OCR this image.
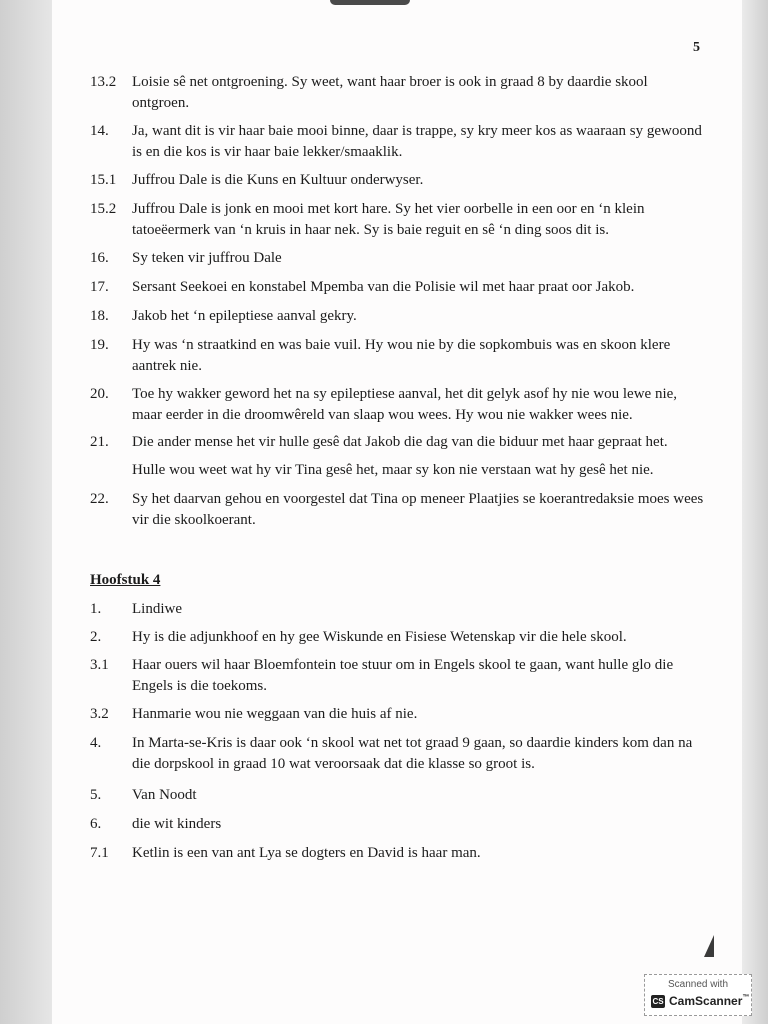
5
13.2	Loisie sê net ontgroening. Sy weet, want haar broer is ook in graad 8 by daardie skool ontgroen.
14.	Ja, want dit is vir haar baie mooi binne, daar is trappe, sy kry meer kos as waaraan sy gewoond is en die kos is vir haar baie lekker/smaaklik.
15.1	Juffrou Dale is die Kuns en Kultuur onderwyser.
15.2	Juffrou Dale is jonk en mooi met kort hare. Sy het vier oorbelle in een oor en ‘n klein tatoeëermerk van ‘n kruis in haar nek. Sy is baie reguit en sê ‘n ding soos dit is.
16.	Sy teken vir juffrou Dale
17.	Sersant Seekoei en konstabel Mpemba van die Polisie wil met haar praat oor Jakob.
18.	Jakob het ‘n epileptiese aanval gekry.
19.	Hy was ‘n straatkind en was baie vuil. Hy wou nie by die sopkombuis was en skoon klere aantrek nie.
20.	Toe hy wakker geword het na sy epileptiese aanval, het dit gelyk asof hy nie wou lewe nie, maar eerder in die droomwêreld van slaap wou wees. Hy wou nie wakker wees nie.
21.	Die ander mense het vir hulle gesê dat Jakob die dag van die biduur met haar gepraat het.
Hulle wou weet wat hy vir Tina gesê het, maar sy kon nie verstaan wat hy gesê het nie.
22.	Sy het daarvan gehou en voorgestel dat Tina op meneer Plaatjies se koerantredaksie moes wees vir die skoolkoerant.
Hoofstuk 4
1.	Lindiwe
2.	Hy is die adjunkhoof en hy gee Wiskunde en Fisiese Wetenskap vir die hele skool.
3.1	Haar ouers wil haar Bloemfontein toe stuur om in Engels skool te gaan, want hulle glo die Engels is die toekoms.
3.2	Hanmarie wou nie weggaan van die huis af nie.
4.	In Marta-se-Kris is daar ook ‘n skool wat net tot graad 9 gaan, so daardie kinders kom dan na die dorpskool in graad 10 wat veroorsaak dat die klasse so groot is.
5.	Van Noodt
6.	die wit kinders
7.1	Ketlin is een van ant Lya se dogters en David is haar man.
Scanned with
CS CamScanner™
